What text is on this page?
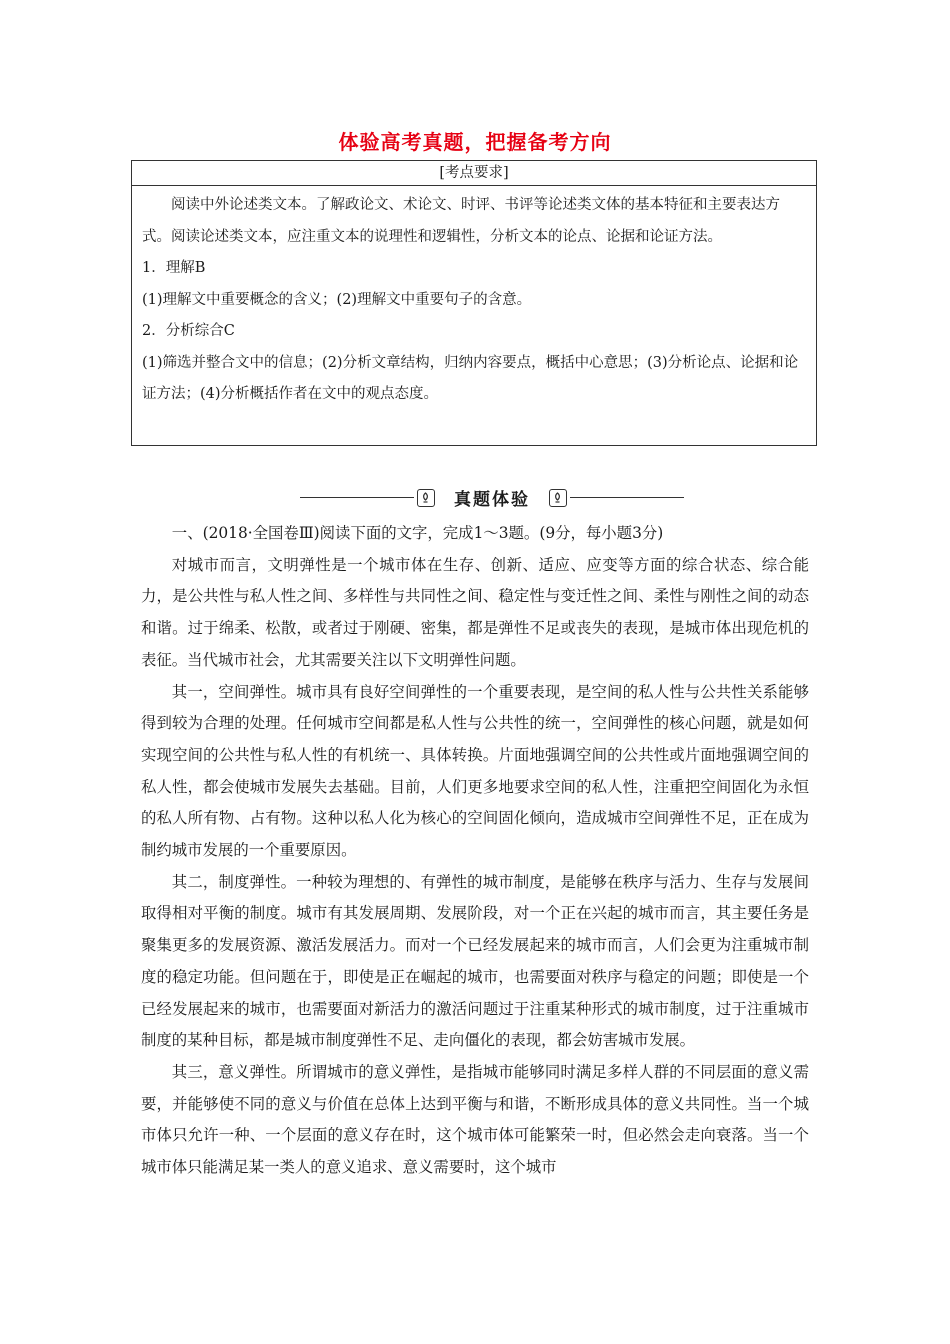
体验高考真题，把握备考方向
[考点要求]

阅读中外论述类文本。了解政论文、术论文、时评、书评等论述类文体的基本特征和主要表达方式。阅读论述类文本，应注重文本的说理性和逻辑性，分析文本的论点、论据和论证方法。

1．理解B

(1)理解文中重要概念的含义；(2)理解文中重要句子的含意。

2．分析综合C

(1)筛选并整合文中的信息；(2)分析文章结构，归纳内容要点，概括中心意思；(3)分析论点、论据和论证方法；(4)分析概括作者在文中的观点态度。

真题体验

一、(2018·全国卷Ⅲ)阅读下面的文字，完成1～3题。(9分，每小题3分)

对城市而言，文明弹性是一个城市体在生存、创新、适应、应变等方面的综合状态、综合能力，是公共性与私人性之间、多样性与共同性之间、稳定性与变迁性之间、柔性与刚性之间的动态和谐。过于绵柔、松散，或者过于刚硬、密集，都是弹性不足或丧失的表现，是城市体出现危机的表征。当代城市社会，尤其需要关注以下文明弹性问题。

其一，空间弹性。城市具有良好空间弹性的一个重要表现，是空间的私人性与公共性关系能够得到较为合理的处理。任何城市空间都是私人性与公共性的统一，空间弹性的核心问题，就是如何实现空间的公共性与私人性的有机统一、具体转换。片面地强调空间的公共性或片面地强调空间的私人性，都会使城市发展失去基础。目前，人们更多地要求空间的私人性，注重把空间固化为永恒的私人所有物、占有物。这种以私人化为核心的空间固化倾向，造成城市空间弹性不足，正在成为制约城市发展的一个重要原因。

其二，制度弹性。一种较为理想的、有弹性的城市制度，是能够在秩序与活力、生存与发展间取得相对平衡的制度。城市有其发展周期、发展阶段，对一个正在兴起的城市而言，其主要任务是聚集更多的发展资源、激活发展活力。而对一个已经发展起来的城市而言，人们会更为注重城市制度的稳定功能。但问题在于，即使是正在崛起的城市，也需要面对秩序与稳定的问题；即使是一个已经发展起来的城市，也需要面对新活力的激活问题过于注重某种形式的城市制度，过于注重城市制度的某种目标，都是城市制度弹性不足、走向僵化的表现，都会妨害城市发展。

其三，意义弹性。所谓城市的意义弹性，是指城市能够同时满足多样人群的不同层面的意义需要，并能够使不同的意义与价值在总体上达到平衡与和谐，不断形成具体的意义共同性。当一个城市体只允许一种、一个层面的意义存在时，这个城市体可能繁荣一时，但必然会走向衰落。当一个城市体只能满足某一类人的意义追求、意义需要时，这个城市
